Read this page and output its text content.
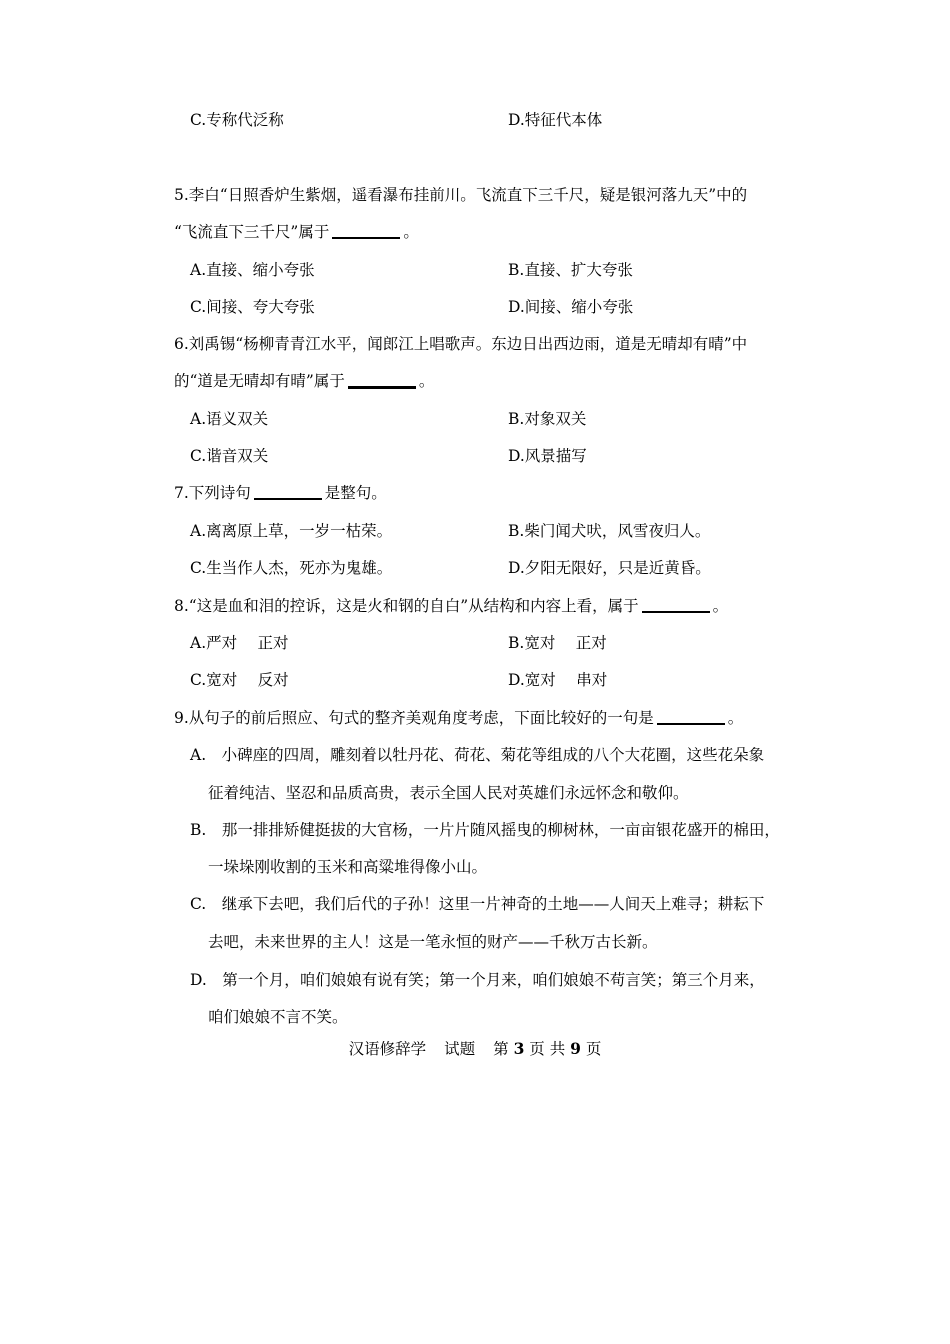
C.专称代泛称	D.特征代本体
5.李白“日照香炉生紫烟，遥看瀑布挂前川。飞流直下三千尺，疑是银河落九天”中的
“飞流直下三千尺”属于	。
A.直接、缩小夸张	B.直接、扩大夸张
C.间接、夸大夸张	D.间接、缩小夸张
6.刘禹锡“杨柳青青江水平，闻郎江上唱歌声。东边日出西边雨，道是无晴却有晴”中
的“道是无晴却有晴”属于	。
A.语义双关	B.对象双关
C.谐音双关	D.风景描写
7.下列诗句	是整句。
A.离离原上草，一岁一枯荣。	B.柴门闻犬吠，风雪夜归人。
C.生当作人杰，死亦为鬼雄。	D.夕阳无限好，只是近黄昏。
8.“这是血和泪的控诉，这是火和钢的自白”从结构和内容上看，属于	。
A.严对　 正对	B.宽对　 正对
C.宽对　 反对	D.宽对　 串对
9.从句子的前后照应、句式的整齐美观角度考虑，下面比较好的一句是	。
A.　小碑座的四周，雕刻着以牡丹花、荷花、菊花等组成的八个大花圈，这些花朵象
征着纯洁、坚忍和品质高贵，表示全国人民对英雄们永远怀念和敬仰。
B.　那一排排矫健挺拔的大官杨，一片片随风摇曳的柳树林，一亩亩银花盛开的棉田，
一垛垛刚收割的玉米和高粱堆得像小山。
C.　继承下去吧，我们后代的子孙！这里一片神奇的土地——人间天上难寻；耕耘下
去吧，未来世界的主人！这是一笔永恒的财产——千秋万古长新。
D.　第一个月，咱们娘娘有说有笑；第一个月来，咱们娘娘不苟言笑；第三个月来，
咱们娘娘不言不笑。
汉语修辞学 试题 第 3 页 共 9 页
